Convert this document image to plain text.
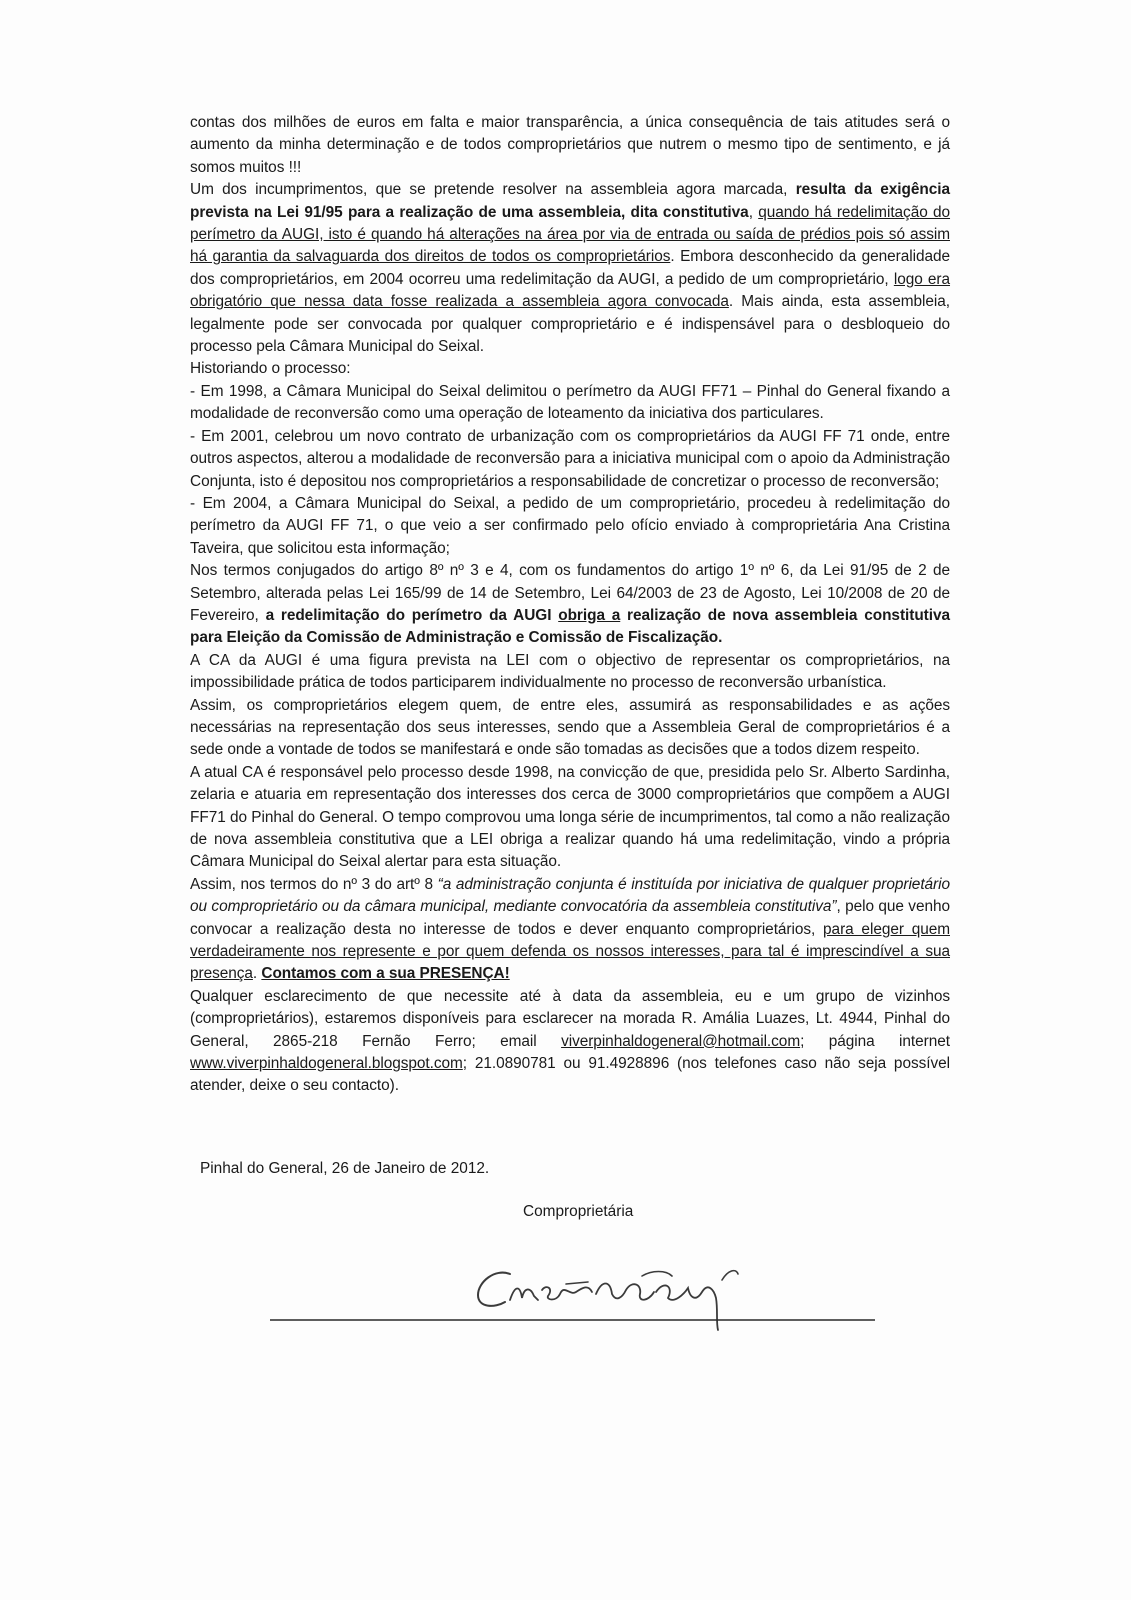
contas dos milhões de euros em falta e maior transparência, a única consequência de tais atitudes será o aumento da minha determinação e de todos comproprietários que nutrem o mesmo tipo de sentimento, e já somos muitos !!!

Um dos incumprimentos, que se pretende resolver na assembleia agora marcada, resulta da exigência prevista na Lei 91/95 para a realização de uma assembleia, dita constitutiva, quando há redelimitação do perímetro da AUGI, isto é quando há alterações na área por via de entrada ou saída de prédios pois só assim há garantia da salvaguarda dos direitos de todos os comproprietários. Embora desconhecido da generalidade dos comproprietários, em 2004 ocorreu uma redelimitação da AUGI, a pedido de um comproprietário, logo era obrigatório que nessa data fosse realizada a assembleia agora convocada. Mais ainda, esta assembleia, legalmente pode ser convocada por qualquer comproprietário e é indispensável para o desbloqueio do processo pela Câmara Municipal do Seixal.

Historiando o processo:

- Em 1998, a Câmara Municipal do Seixal delimitou o perímetro da AUGI FF71 – Pinhal do General fixando a modalidade de reconversão como uma operação de loteamento da iniciativa dos particulares.

- Em 2001, celebrou um novo contrato de urbanização com os comproprietários da AUGI FF 71 onde, entre outros aspectos, alterou a modalidade de reconversão para a iniciativa municipal com o apoio da Administração Conjunta, isto é depositou nos comproprietários a responsabilidade de concretizar o processo de reconversão;

- Em 2004, a Câmara Municipal do Seixal, a pedido de um comproprietário, procedeu à redelimitação do perímetro da AUGI FF 71, o que veio a ser confirmado pelo ofício enviado à comproprietária Ana Cristina Taveira, que solicitou esta informação;

Nos termos conjugados do artigo 8º nº 3 e 4, com os fundamentos do artigo 1º nº 6, da Lei 91/95 de 2 de Setembro, alterada pelas Lei 165/99 de 14 de Setembro, Lei 64/2003 de 23 de Agosto, Lei 10/2008 de 20 de Fevereiro, a redelimitação do perímetro da AUGI obriga a realização de nova assembleia constitutiva para Eleição da Comissão de Administração e Comissão de Fiscalização.

A CA da AUGI é uma figura prevista na LEI com o objectivo de representar os comproprietários, na impossibilidade prática de todos participarem individualmente no processo de reconversão urbanística.

Assim, os comproprietários elegem quem, de entre eles, assumirá as responsabilidades e as ações necessárias na representação dos seus interesses, sendo que a Assembleia Geral de comproprietários é a sede onde a vontade de todos se manifestará e onde são tomadas as decisões que a todos dizem respeito.

A atual CA é responsável pelo processo desde 1998, na convicção de que, presidida pelo Sr. Alberto Sardinha, zelaria e atuaria em representação dos interesses dos cerca de 3000 comproprietários que compõem a AUGI FF71 do Pinhal do General. O tempo comprovou uma longa série de incumprimentos, tal como a não realização de nova assembleia constitutiva que a LEI obriga a realizar quando há uma redelimitação, vindo a própria Câmara Municipal do Seixal alertar para esta situação.

Assim, nos termos do nº 3 do artº 8 “a administração conjunta é instituída por iniciativa de qualquer proprietário ou comproprietário ou da câmara municipal, mediante convocatória da assembleia constitutiva”, pelo que venho convocar a realização desta no interesse de todos e dever enquanto comproprietários, para eleger quem verdadeiramente nos represente e por quem defenda os nossos interesses, para tal é imprescindível a sua presença. Contamos com a sua PRESENÇA!

Qualquer esclarecimento de que necessite até à data da assembleia, eu e um grupo de vizinhos (comproprietários), estaremos disponíveis para esclarecer na morada R. Amália Luazes, Lt. 4944, Pinhal do General, 2865-218 Fernão Ferro; email viverpinhaldogeneral@hotmail.com; página internet www.viverpinhaldogeneral.blogspot.com; 21.0890781 ou 91.4928896 (nos telefones caso não seja possível atender, deixe o seu contacto).

Pinhal do General, 26 de Janeiro de 2012.
Comproprietária
